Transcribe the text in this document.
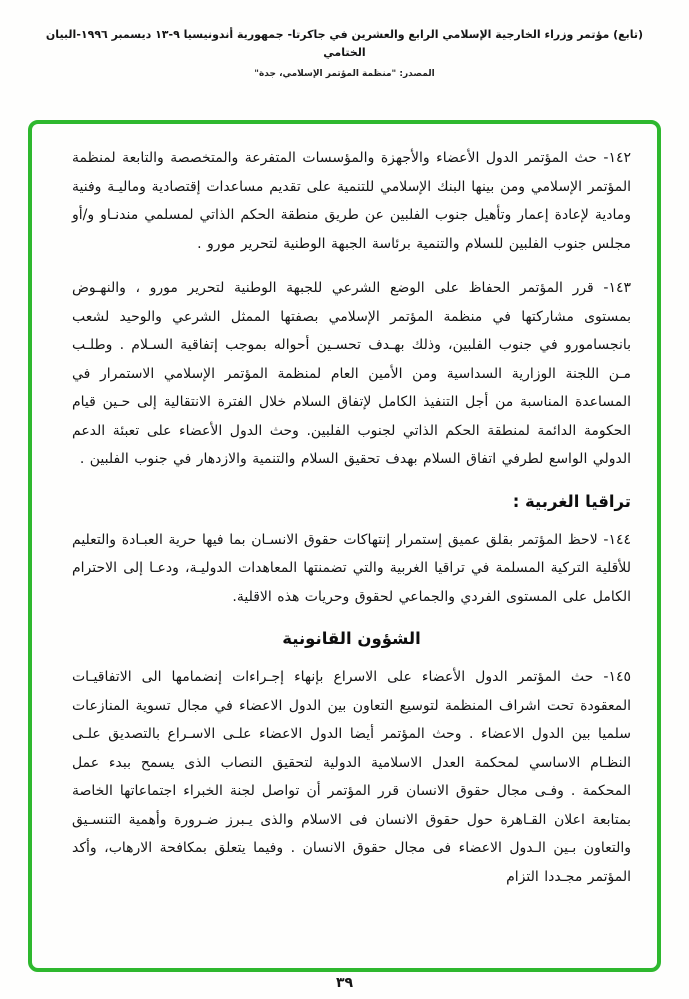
(تابع) مؤتمر وزراء الخارجية الإسلامي الرابع والعشرين في جاكرتا- جمهورية أندونيسيا ٩-١٣ ديسمبر ١٩٩٦-البيان الختامي
المصدر: "منظمة المؤتمر الإسلامي، جدة"

١٤٢- حث المؤتمر الدول الأعضاء والأجهزة والمؤسسات المتفرعة والمتخصصة والتابعة لمنظمة المؤتمر الإسلامي ومن بينها البنك الإسلامي للتنمية على تقديم مساعدات إقتصادية وماليـة وفنية ومادية لإعادة إعمار وتأهيل جنوب الفلبين عن طريق منطقة الحكم الذاتي لمسلمي مندنـاو و/أو مجلس جنوب الفلبين للسلام والتنمية برئاسة الجبهة الوطنية لتحرير مورو .

١٤٣- قرر المؤتمر الحفاظ على الوضع الشرعي للجبهة الوطنية لتحرير مورو ، والنهـوض بمستوى مشاركتها في منظمة المؤتمر الإسلامي بصفتها الممثل الشرعي والوحيد لشعب بانجسامورو في جنوب الفلبين، وذلك بهـدف تحسـين أحواله بموجب إتفاقية السـلام . وطلـب مـن اللجنة الوزارية السداسية ومن الأمين العام لمنظمة المؤتمر الإسلامي الاستمرار في المساعدة المناسبة من أجل التنفيذ الكامل لإتفاق السلام خلال الفترة الانتقالية إلى حـين قيام الحكومة الدائمة لمنطقة الحكم الذاتي لجنوب الفلبين. وحث الدول الأعضاء على تعبئة الدعم الدولي الواسع لطرفي اتفاق السلام بهدف تحقيق السلام والتنمية والازدهار في جنوب الفلبين .

تراقيا الغربية :

١٤٤- لاحظ المؤتمر بقلق عميق إستمرار إنتهاكات حقوق الانسـان بما فيها حرية العبـادة والتعليم للأقلية التركية المسلمة في تراقيا الغربية والتي تضمنتها المعاهدات الدوليـة، ودعـا إلى الاحترام الكامل على المستوى الفردي والجماعي لحقوق وحريات هذه الاقلية.

الشؤون القانونية

١٤٥- حث المؤتمر الدول الأعضاء على الاسراع بإنهاء إجـراءات إنضمامها الى الاتفاقيـات المعقودة تحت اشراف المنظمة لتوسيع التعاون بين الدول الاعضاء في مجال تسوية المنازعات سلميا بين الدول الاعضاء . وحث المؤتمر أيضا الدول الاعضاء علـى الاسـراع بالتصديق علـى النظـام الاساسي لمحكمة العدل الاسلامية الدولية لتحقيق النصاب الذى يسمح ببدء عمل المحكمة . وفـى مجال حقوق الانسان قرر المؤتمر أن تواصل لجنة الخبراء اجتماعاتها الخاصة بمتابعة اعلان القـاهرة حول حقوق الانسان فى الاسلام والذى يـبرز ضـرورة وأهمية التنسـيق والتعاون بـين الـدول الاعضاء فى مجال حقوق الانسان . وفيما يتعلق بمكافحة الارهاب، وأكد المؤتمر مجـددا التزام

٣٩
